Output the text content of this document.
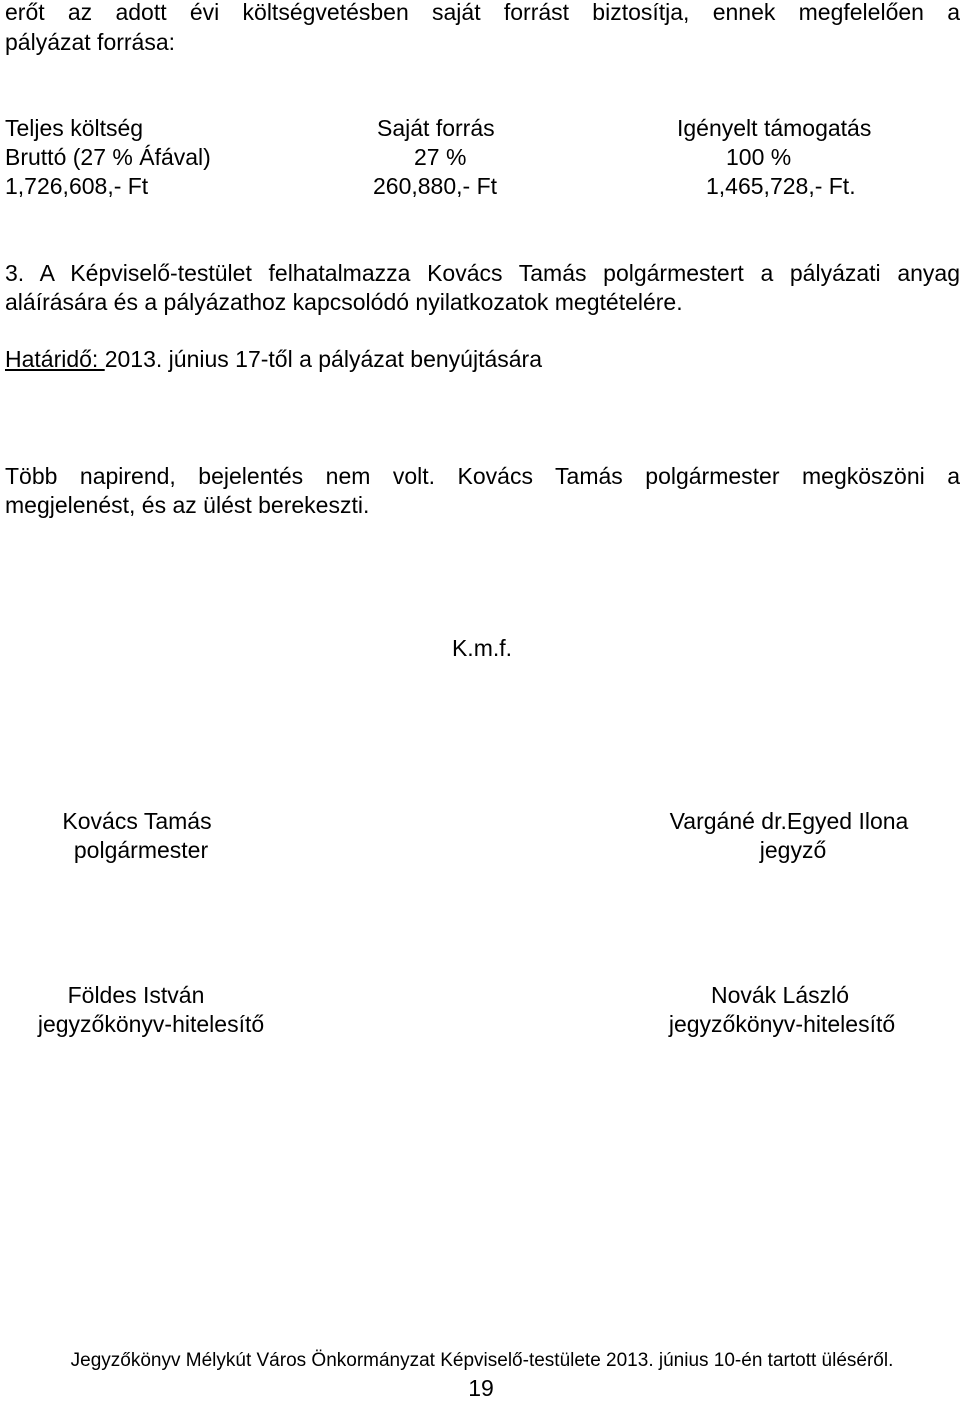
erőt az adott évi költségvetésben saját forrást biztosítja, ennek megfelelően a
pályázat forrása:
Teljes költség
Bruttó (27 % Áfával)
1,726,608,- Ft
Saját forrás
27 %
260,880,- Ft
Igényelt támogatás
100 %
1,465,728,- Ft.
3. A Képviselő-testület felhatalmazza Kovács Tamás polgármestert a pályázati anyag
aláírására és a pályázathoz kapcsolódó nyilatkozatok megtételére.
Határidő: 2013. június 17-től a pályázat benyújtására
Több napirend, bejelentés nem volt. Kovács Tamás polgármester megköszöni a
megjelenést, és az ülést berekeszti.
K.m.f.
Kovács Tamás
polgármester
Vargáné dr.Egyed Ilona
jegyző
Földes István
jegyzőkönyv-hitelesítő
Novák László
jegyzőkönyv-hitelesítő
Jegyzőkönyv Mélykút Város Önkormányzat Képviselő-testülete 2013. június 10-én tartott üléséről.
19
